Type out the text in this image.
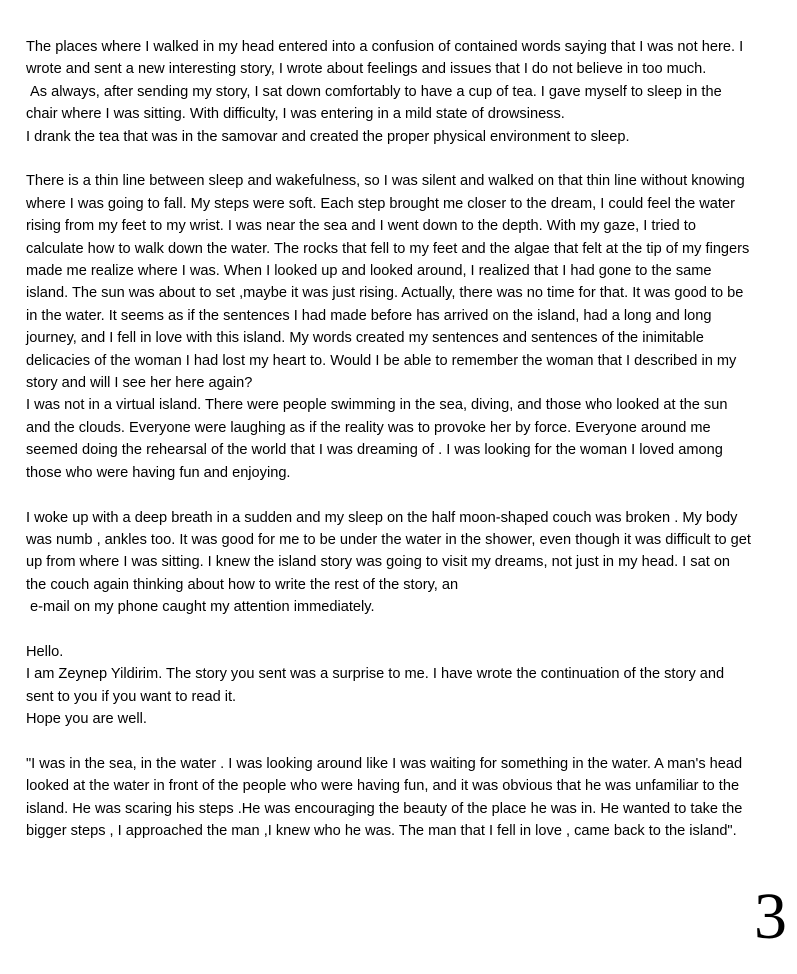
The places where I walked in my head entered into a confusion of contained words saying that I was not here. I wrote and sent a new interesting story, I wrote about feelings and issues that I do not believe in too much.

As always, after sending my story, I sat down comfortably to have a cup of tea. I gave myself to sleep in the chair where I was sitting. With difficulty, I was entering in a mild state of drowsiness.

I drank the tea that was in the samovar and created the proper physical environment to sleep.

There is a thin line between sleep and wakefulness, so I was silent and walked on that thin line without knowing where I was going to fall. My steps were soft. Each step brought me closer to the dream, I could feel the water rising from my feet to my wrist. I was near the sea and I went down to the depth. With my gaze, I tried to calculate how to walk down the water. The rocks that fell to my feet and the algae that felt at the tip of my fingers made me realize where I was. When I looked up and looked around, I realized that I had gone to the same island. The sun was about to set ,maybe it was just rising. Actually, there was no time for that. It was good to be in the water. It seems as if the sentences I had made before has arrived on the island, had a long and long journey, and I fell in love with this island. My words created my sentences and sentences of the inimitable delicacies of the woman I had lost my heart to. Would I be able to remember the woman that I described in my story and will I see her here again?

I was not in a virtual island. There were people swimming in the sea, diving, and those who looked at the sun and the clouds. Everyone were laughing as if the reality was to provoke her by force. Everyone around me seemed doing the rehearsal of the world that I was dreaming of . I was looking for the woman I loved among those who were having fun and enjoying.

I woke up with a deep breath in a sudden and my sleep on the half moon-shaped couch was broken . My body was numb , ankles too. It was good for me to be under the water in the shower, even though it was difficult to get up from where I was sitting. I knew the island story was going to visit my dreams, not just in my head. I sat on the couch again thinking about how to write the rest of the story, an

e-mail on my phone caught my attention immediately.

Hello.

I am Zeynep Yildirim. The story you sent was a surprise to me. I have wrote the continuation of the story and sent to you if you want to read it.

Hope you are well.

"I was in the sea, in the water . I was looking around like I was waiting for something in the water. A man's head looked at the water in front of the people who were having fun, and it was obvious that he was unfamiliar to the island. He was scaring his steps .He was encouraging the beauty of the place he was in. He wanted to take the bigger steps , I approached the man ,I knew who he was. The man that I fell in love , came back to the island".

3
